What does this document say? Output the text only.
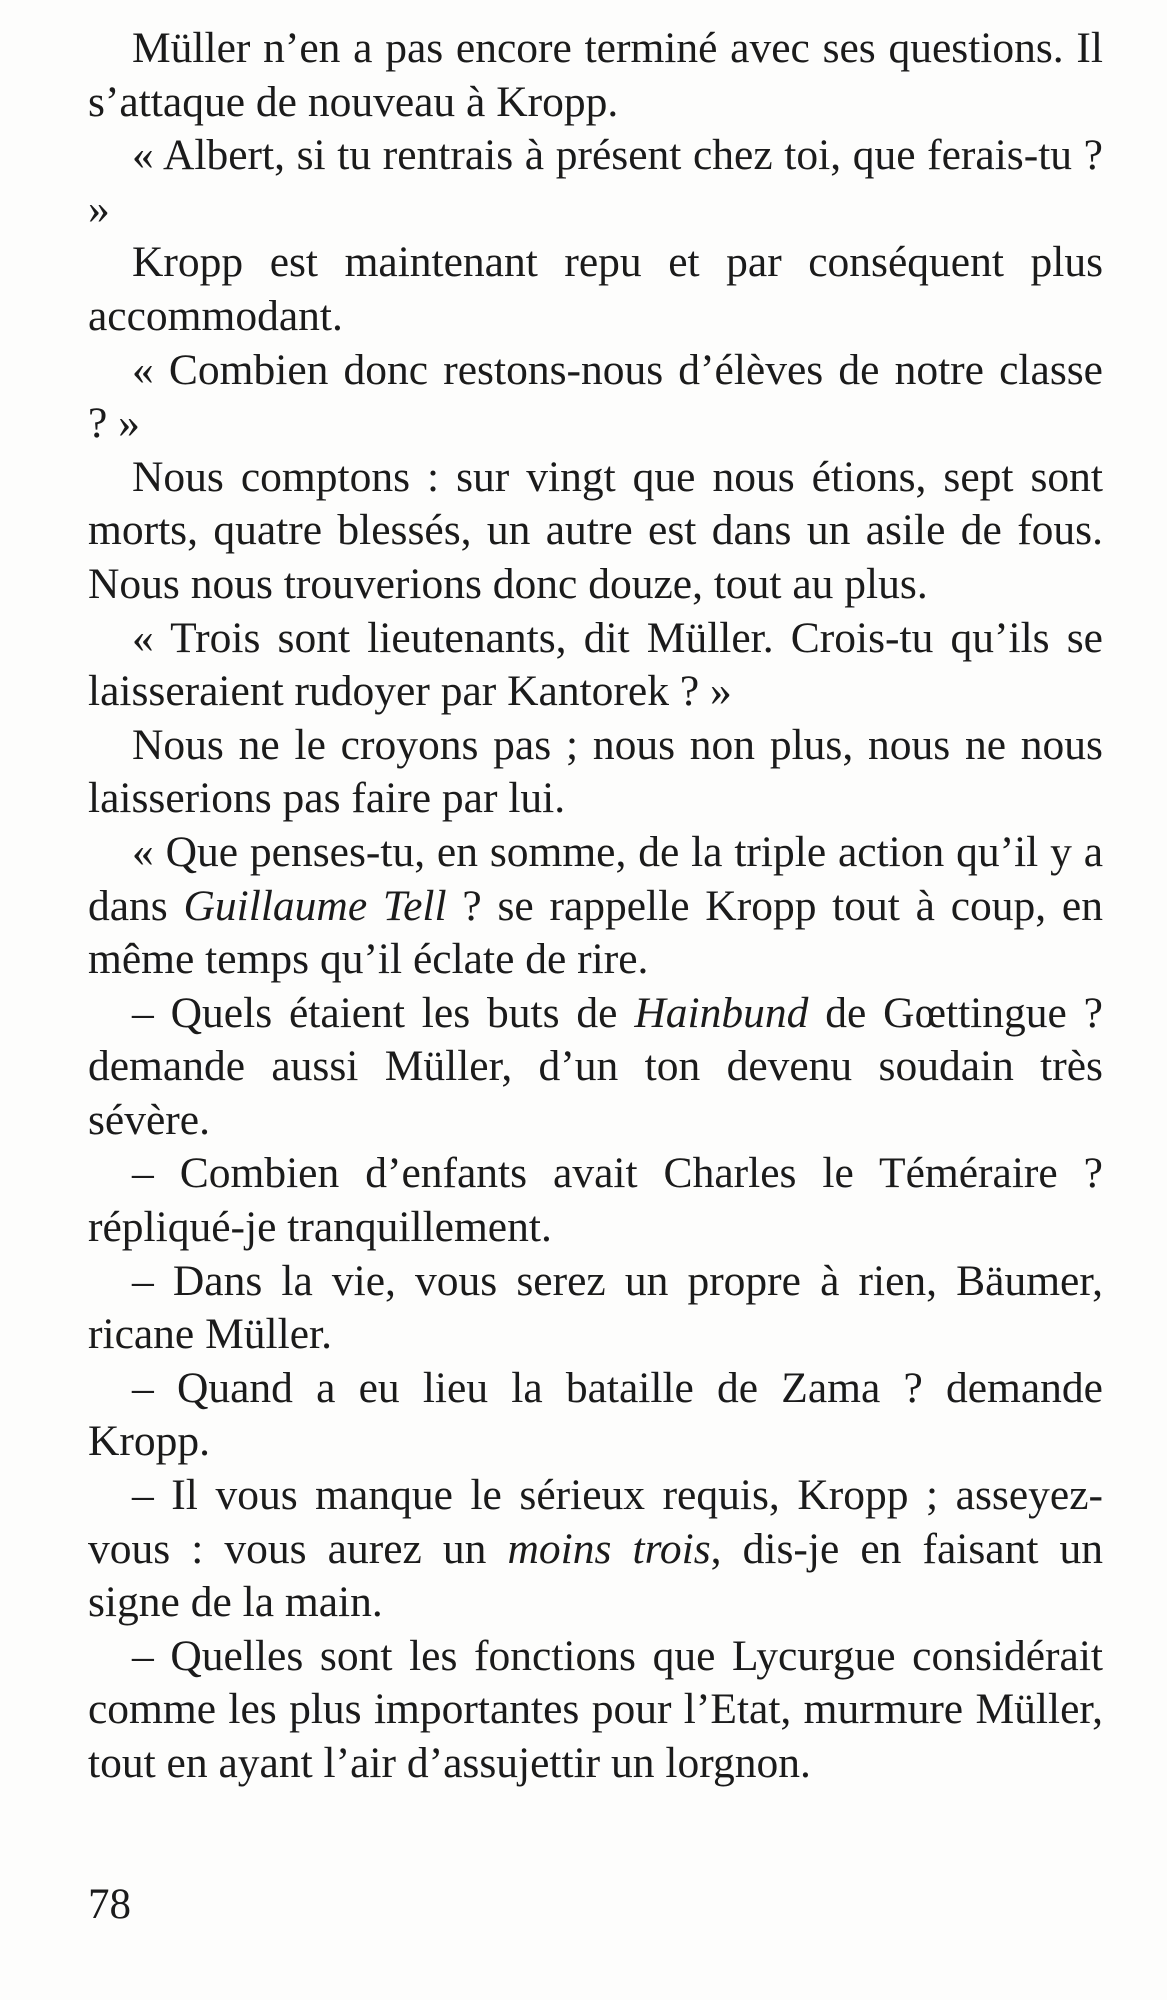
Müller n’en a pas encore terminé avec ses questions. Il s’attaque de nouveau à Kropp.

« Albert, si tu rentrais à présent chez toi, que ferais-tu ? »

Kropp est maintenant repu et par conséquent plus accommodant.

« Combien donc restons-nous d’élèves de notre classe ? »

Nous comptons : sur vingt que nous étions, sept sont morts, quatre blessés, un autre est dans un asile de fous. Nous nous trouverions donc douze, tout au plus.

« Trois sont lieutenants, dit Müller. Crois-tu qu’ils se laisseraient rudoyer par Kantorek ? »

Nous ne le croyons pas ; nous non plus, nous ne nous laisserions pas faire par lui.

« Que penses-tu, en somme, de la triple action qu’il y a dans Guillaume Tell ? se rappelle Kropp tout à coup, en même temps qu’il éclate de rire.

– Quels étaient les buts de Hainbund de Gœttingue ? demande aussi Müller, d’un ton devenu soudain très sévère.

– Combien d’enfants avait Charles le Téméraire ? répliqué-je tranquillement.

– Dans la vie, vous serez un propre à rien, Bäumer, ricane Müller.

– Quand a eu lieu la bataille de Zama ? demande Kropp.

– Il vous manque le sérieux requis, Kropp ; asseyez-vous : vous aurez un moins trois, dis-je en faisant un signe de la main.

– Quelles sont les fonctions que Lycurgue considérait comme les plus importantes pour l’Etat, murmure Müller, tout en ayant l’air d’assujettir un lorgnon.

78
